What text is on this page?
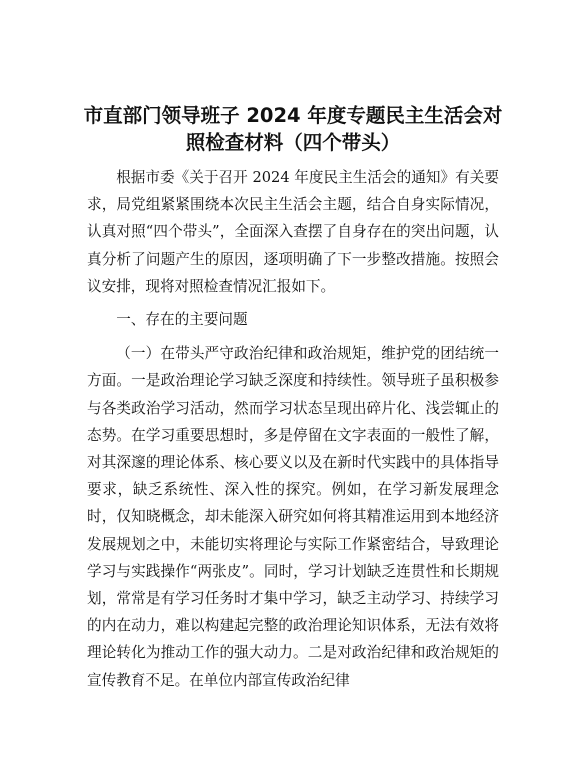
市直部门领导班子 2024 年度专题民主生活会对
照检查材料（四个带头）

根据市委《关于召开 2024 年度民主生活会的通知》有关要求，局党组紧紧围绕本次民主生活会主题，结合自身实际情况，认真对照“四个带头”，全面深入查摆了自身存在的突出问题，认真分析了问题产生的原因，逐项明确了下一步整改措施。按照会议安排，现将对照检查情况汇报如下。

一、存在的主要问题

（一）在带头严守政治纪律和政治规矩，维护党的团结统一方面。一是政治理论学习缺乏深度和持续性。领导班子虽积极参与各类政治学习活动，然而学习状态呈现出碎片化、浅尝辄止的态势。在学习重要思想时，多是停留在文字表面的一般性了解，对其深邃的理论体系、核心要义以及在新时代实践中的具体指导要求，缺乏系统性、深入性的探究。例如，在学习新发展理念时，仅知晓概念，却未能深入研究如何将其精准运用到本地经济发展规划之中，未能切实将理论与实际工作紧密结合，导致理论学习与实践操作“两张皮”。同时，学习计划缺乏连贯性和长期规划，常常是有学习任务时才集中学习，缺乏主动学习、持续学习的内在动力，难以构建起完整的政治理论知识体系，无法有效将理论转化为推动工作的强大动力。二是对政治纪律和政治规矩的宣传教育不足。在单位内部宣传政治纪律
